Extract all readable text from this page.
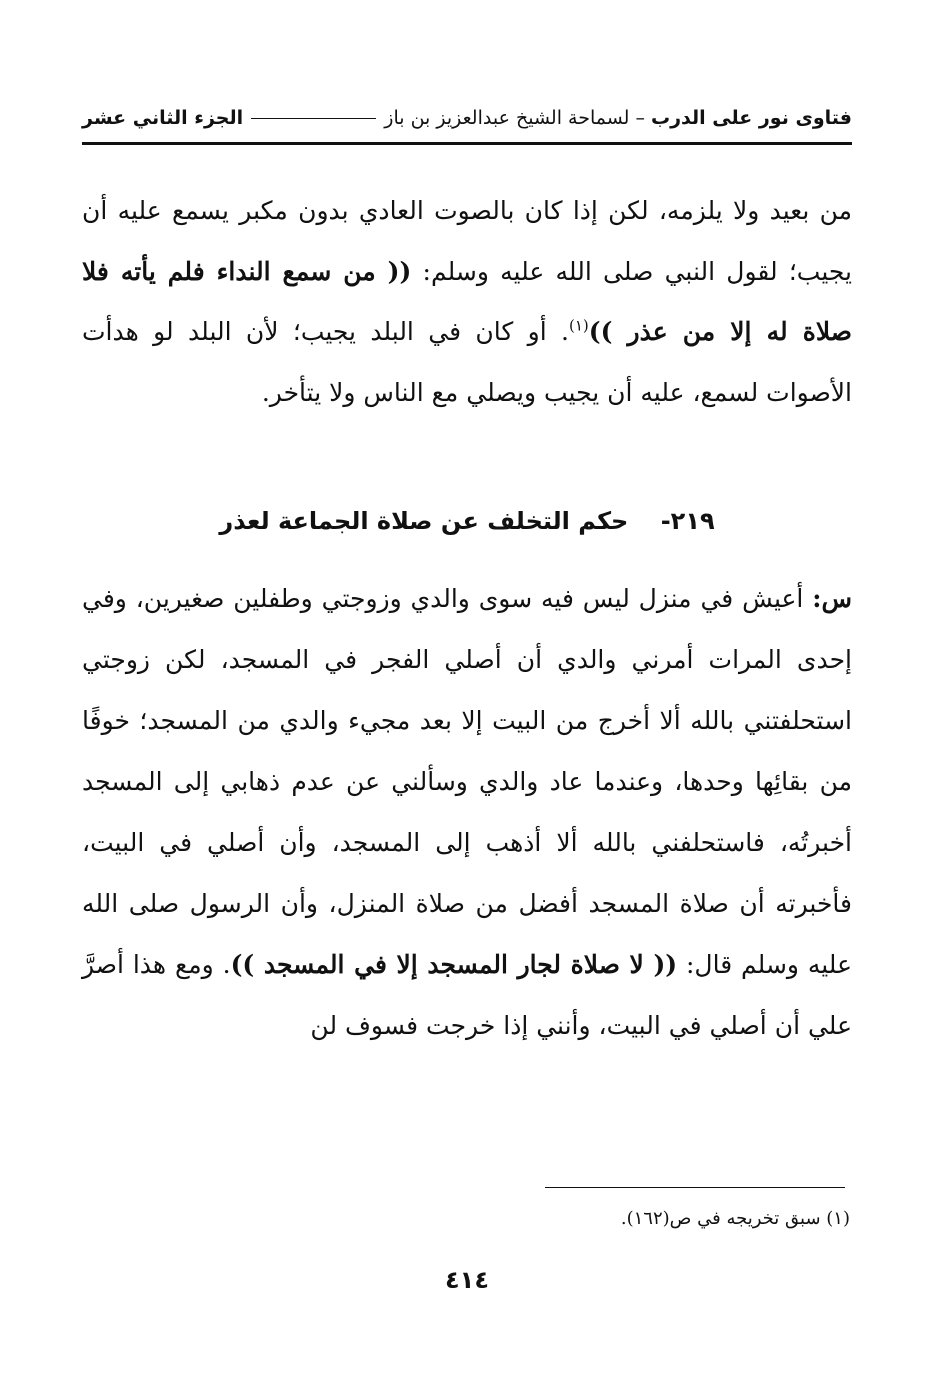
فتاوى نور على الدرب
– لسماحة الشيخ عبدالعزيز بن باز
الجزء الثاني عشر
من بعيد ولا يلزمه، لكن إذا كان بالصوت العادي بدون مكبر يسمع عليه أن يجيب؛ لقول النبي صلى الله عليه وسلم: (( من سمع النداء فلم يأته فلا صلاة له إلا من عذر ))$^{(١)}$. أو كان في البلد يجيب؛ لأن البلد لو هدأت الأصوات لسمع، عليه أن يجيب ويصلي مع الناس ولا يتأخر.
٢١٩- حكم التخلف عن صلاة الجماعة لعذر
س: أعيش في منزل ليس فيه سوى والدي وزوجتي وطفلين صغيرين، وفي إحدى المرات أمرني والدي أن أصلي الفجر في المسجد، لكن زوجتي استحلفتني بالله ألا أخرج من البيت إلا بعد مجيء والدي من المسجد؛ خوفًا من بقائِها وحدها، وعندما عاد والدي وسألني عن عدم ذهابي إلى المسجد أخبرتُه، فاستحلفني بالله ألا أذهب إلى المسجد، وأن أصلي في البيت، فأخبرته أن صلاة المسجد أفضل من صلاة المنزل، وأن الرسول صلى الله عليه وسلم قال: (( لا صلاة لجار المسجد إلا في المسجد )). ومع هذا أصرَّ علي أن أصلي في البيت، وأنني إذا خرجت فسوف لن
(١) سبق تخريجه في ص(١٦٢).
٤١٤
